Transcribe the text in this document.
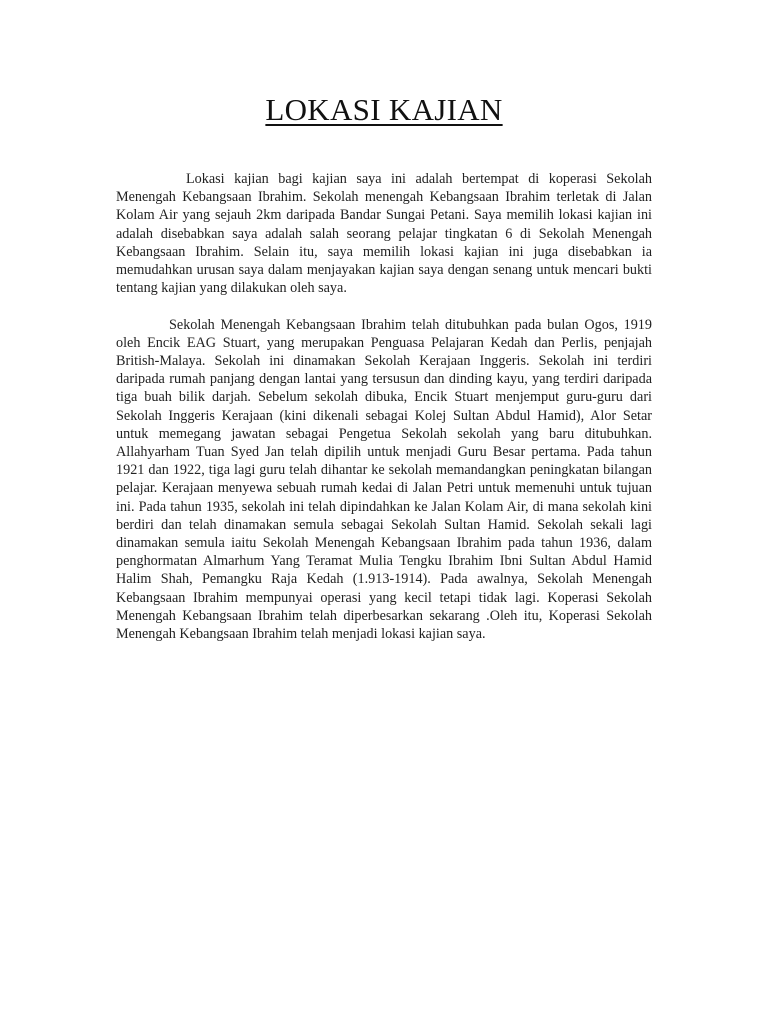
LOKASI KAJIAN

Lokasi kajian bagi kajian saya ini adalah bertempat di koperasi Sekolah Menengah Kebangsaan Ibrahim. Sekolah menengah Kebangsaan Ibrahim terletak di Jalan Kolam Air yang sejauh 2km daripada Bandar Sungai Petani. Saya memilih lokasi kajian ini adalah disebabkan saya adalah salah seorang pelajar tingkatan 6 di Sekolah Menengah Kebangsaan Ibrahim. Selain itu, saya memilih lokasi kajian ini juga disebabkan ia memudahkan urusan saya dalam menjayakan kajian saya dengan senang untuk mencari bukti tentang kajian yang dilakukan oleh saya.

Sekolah Menengah Kebangsaan Ibrahim telah ditubuhkan pada bulan Ogos, 1919 oleh Encik EAG Stuart, yang merupakan Penguasa Pelajaran Kedah dan Perlis, penjajah British-Malaya. Sekolah ini dinamakan Sekolah Kerajaan Inggeris. Sekolah ini terdiri daripada rumah panjang dengan lantai yang tersusun dan dinding kayu, yang terdiri daripada tiga buah bilik darjah. Sebelum sekolah dibuka, Encik Stuart menjemput guru-guru dari Sekolah Inggeris Kerajaan (kini dikenali sebagai Kolej Sultan Abdul Hamid), Alor Setar untuk memegang jawatan sebagai Pengetua Sekolah sekolah yang baru ditubuhkan. Allahyarham Tuan Syed Jan telah dipilih untuk menjadi Guru Besar pertama. Pada tahun 1921 dan 1922, tiga lagi guru telah dihantar ke sekolah memandangkan peningkatan bilangan pelajar. Kerajaan menyewa sebuah rumah kedai di Jalan Petri untuk memenuhi untuk tujuan ini. Pada tahun 1935, sekolah ini telah dipindahkan ke Jalan Kolam Air, di mana sekolah kini berdiri dan telah dinamakan semula sebagai Sekolah Sultan Hamid. Sekolah sekali lagi dinamakan semula iaitu Sekolah Menengah Kebangsaan Ibrahim pada tahun 1936, dalam penghormatan Almarhum Yang Teramat Mulia Tengku Ibrahim Ibni Sultan Abdul Hamid Halim Shah, Pemangku Raja Kedah (1.913-1914). Pada awalnya, Sekolah Menengah Kebangsaan Ibrahim mempunyai operasi yang kecil tetapi tidak lagi. Koperasi Sekolah Menengah Kebangsaan Ibrahim telah diperbesarkan sekarang .Oleh itu, Koperasi Sekolah Menengah Kebangsaan Ibrahim telah menjadi lokasi kajian saya.
